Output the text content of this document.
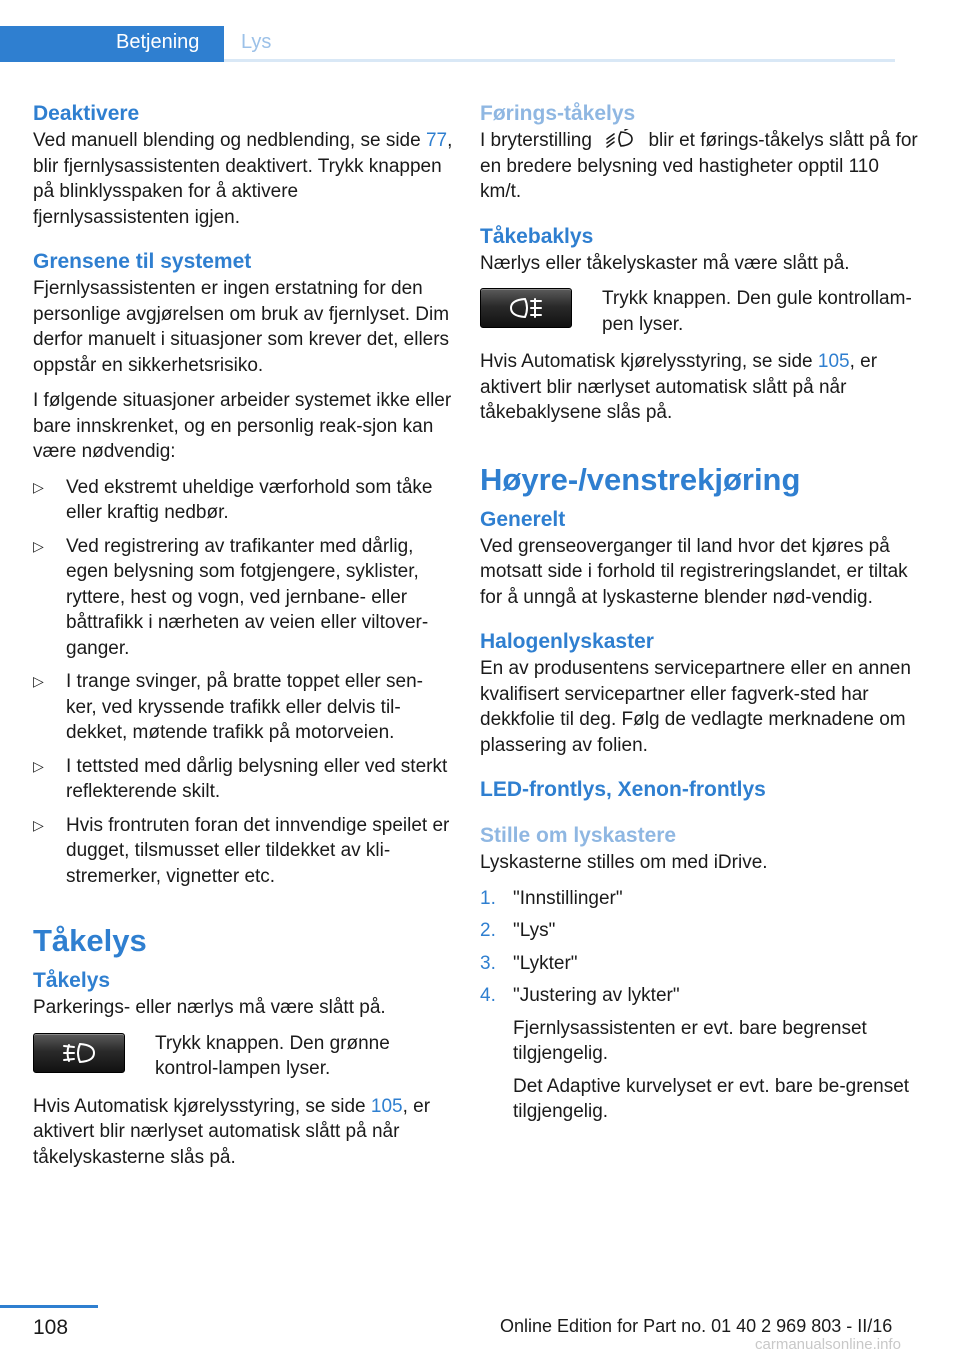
Betjening Lys
Deaktivere

Ved manuell blending og nedblending, se side 77, blir fjernlysassistenten deaktivert. Trykk knappen på blinklysspaken for å aktivere fjernlysassistenten igjen.

Grensene til systemet

Fjernlysassistenten er ingen erstatning for den personlige avgjørelsen om bruk av fjernlyset. Dim derfor manuelt i situasjoner som krever det, ellers oppstår en sikkerhetsrisiko.

I følgende situasjoner arbeider systemet ikke eller bare innskrenket, og en personlig reak‐sjon kan være nødvendig:

▷ Ved ekstremt uheldige værforhold som tåke eller kraftig nedbør.
▷ Ved registrering av trafikanter med dårlig, egen belysning som fotgjengere, syklister, ryttere, hest og vogn, ved jernbane- eller båttrafikk i nærheten av veien eller viltover‐ganger.
▷ I trange svinger, på bratte toppet eller sen‐ker, ved kryssende trafikk eller delvis til‐dekket, møtende trafikk på motorveien.
▷ I tettsted med dårlig belysning eller ved sterkt reflekterende skilt.
▷ Hvis frontruten foran det innvendige speilet er dugget, tilsmusset eller tildekket av kli‐stremerker, vignetter etc.
Tåkelys
Tåkelys

Parkerings- eller nærlys må være slått på.

Trykk knappen. Den grønne kontrol‐lampen lyser.

Hvis Automatisk kjørelysstyring, se side 105, er aktivert blir nærlyset automatisk slått på når tåkelyskasterne slås på.

Førings-tåkelys

I bryterstilling  blir et førings-tåkelys slått på for en bredere belysning ved hastigheter opptil 110 km/t.

Tåkebaklys

Nærlys eller tåkelyskaster må være slått på.

Trykk knappen. Den gule kontrollam‐pen lyser.

Hvis Automatisk kjørelysstyring, se side 105, er aktivert blir nærlyset automatisk slått på når tåkebaklysene slås på.

Høyre-/venstrekjøring
Generelt

Ved grenseoverganger til land hvor det kjøres på motsatt side i forhold til registreringslandet, er tiltak for å unngå at lyskasterne blender nød‐vendig.

Halogenlyskaster

En av produsentens servicepartnere eller en annen kvalifisert servicepartner eller fagverk‐sted har dekkfolie til deg. Følg de vedlagte merknadene om plassering av folien.

LED-frontlys, Xenon-frontlys
Stille om lyskastere

Lyskasterne stilles om med iDrive.

1. "Innstillinger"
2. "Lys"
3. "Lykter"
4. "Justering av lykter"
Fjernlysassistenten er evt. bare begrenset tilgjengelig.
Det Adaptive kurvelyset er evt. bare be‐grenset tilgjengelig.
108	Online Edition for Part no. 01 40 2 969 803 - II/16
carmanualsonline.info
